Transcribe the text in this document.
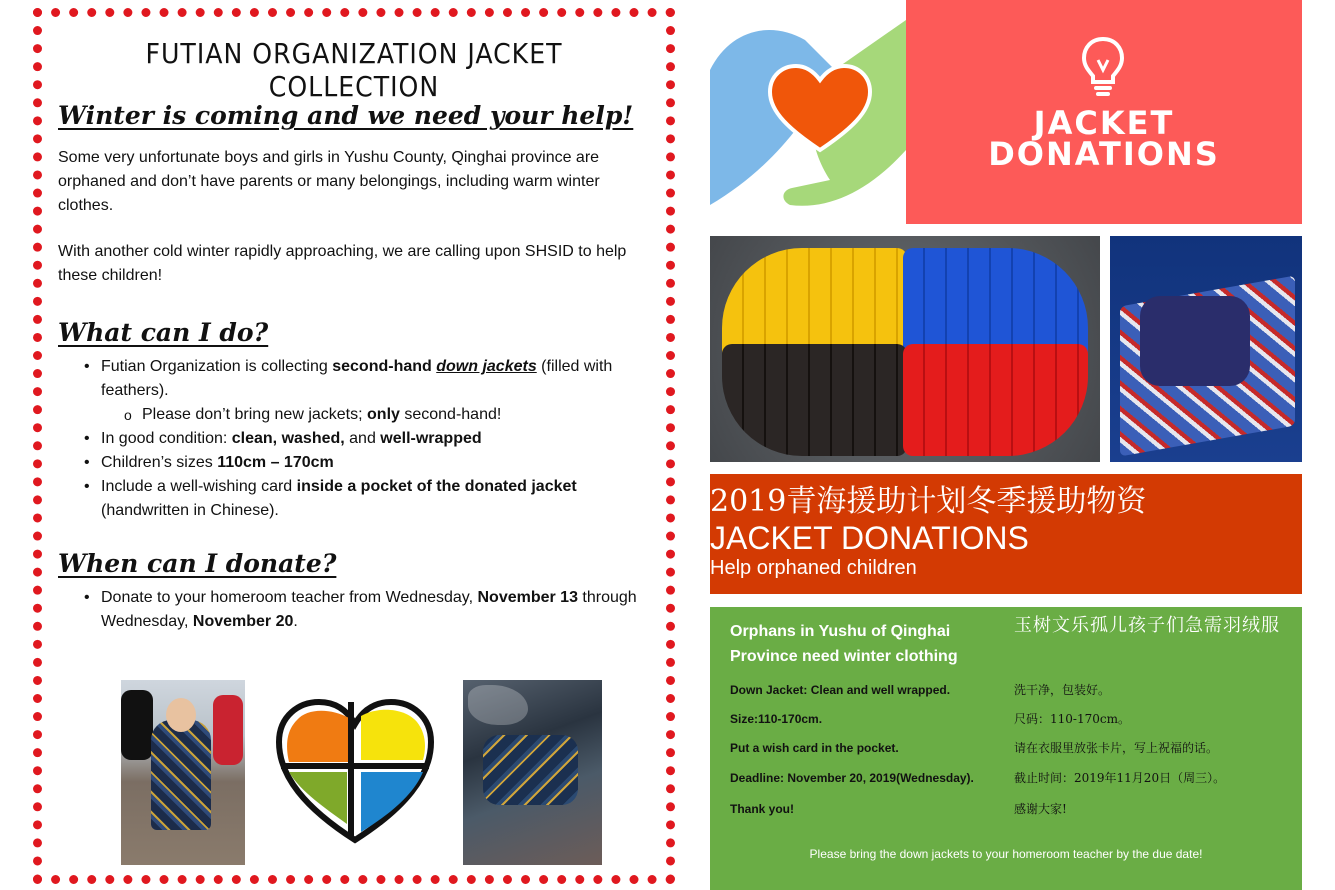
FUTIAN ORGANIZATION JACKET COLLECTION
Winter is coming and we need your help!

Some very unfortunate boys and girls in Yushu County, Qinghai province are orphaned and don’t have parents or many belongings, including warm winter clothes.

With another cold winter rapidly approaching, we are calling upon SHSID to help these children!

What can I do?
• Futian Organization is collecting second-hand down jackets (filled with feathers).
o Please don’t bring new jackets; only second-hand!
• In good condition: clean, washed, and well-wrapped
• Children’s sizes 110cm – 170cm
• Include a well-wishing card inside a pocket of the donated jacket (handwritten in Chinese).
When can I donate?
• Donate to your homeroom teacher from Wednesday, November 13 through Wednesday, November 20.
JACKET
DONATIONS
2019青海援助计划冬季援助物资
JACKET DONATIONS
Help orphaned children
Orphans in Yushu of Qinghai Province need winter clothing
玉树文乐孤儿孩子们急需羽绒服
Down Jacket: Clean and well wrapped.	洗干净，包装好。
Size:110-170cm.	尺码：110-170cm。
Put a wish card in the pocket.	请在衣服里放张卡片，写上祝福的话。
Deadline: November 20, 2019(Wednesday).	截止时间：2019年11月20日（周三）。
Thank you!	感谢大家!
Please bring the down jackets to your homeroom teacher by the due date!
